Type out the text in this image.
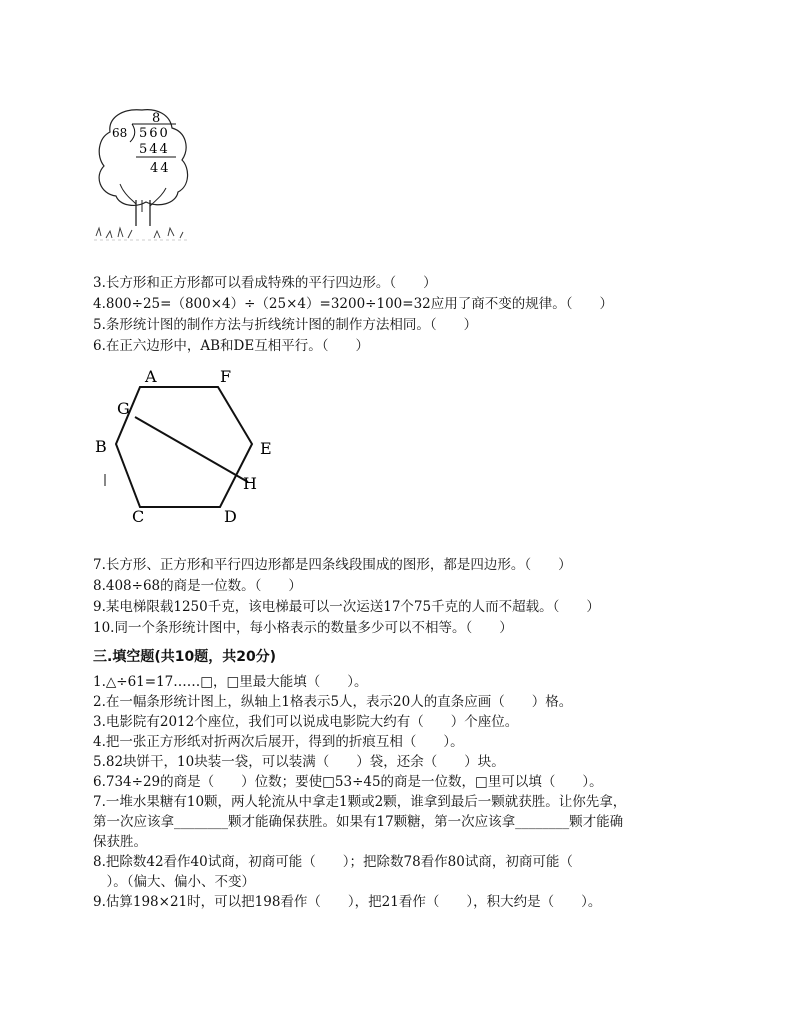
8
68 560
544
44
3.长方形和正方形都可以看成特殊的平行四边形。（　　）
4.800÷25=（800×4）÷（25×4）=3200÷100=32应用了商不变的规律。（　　）
5.条形统计图的制作方法与折线统计图的制作方法相同。（　　）
6.在正六边形中，AB和DE互相平行。（　　）
A	F
G
B	E
H
C	D
7.长方形、正方形和平行四边形都是四条线段围成的图形，都是四边形。（　　）
8.408÷68的商是一位数。（　　）
9.某电梯限载1250千克，该电梯最可以一次运送17个75千克的人而不超载。（　　）
10.同一个条形统计图中，每小格表示的数量多少可以不相等。（　　）
三.填空题(共10题，共20分)
1.△÷61=17……□，□里最大能填（　　）。
2.在一幅条形统计图上，纵轴上1格表示5人，表示20人的直条应画（　　）格。
3.电影院有2012个座位，我们可以说成电影院大约有（　　）个座位。
4.把一张正方形纸对折两次后展开，得到的折痕互相（　　）。
5.82块饼干，10块装一袋，可以装满（　　）袋，还余（　　）块。
6.734÷29的商是（　　）位数；要使□53÷45的商是一位数，□里可以填（　　）。
7.一堆水果糖有10颗，两人轮流从中拿走1颗或2颗，谁拿到最后一颗就获胜。让你先拿，
第一次应该拿________颗才能确保获胜。如果有17颗糖，第一次应该拿________颗才能确
保获胜。
8.把除数42看作40试商，初商可能（　　）；把除数78看作80试商，初商可能（
　）。（偏大、偏小、不变）
9.估算198×21时，可以把198看作（　　），把21看作（　　），积大约是（　　）。
